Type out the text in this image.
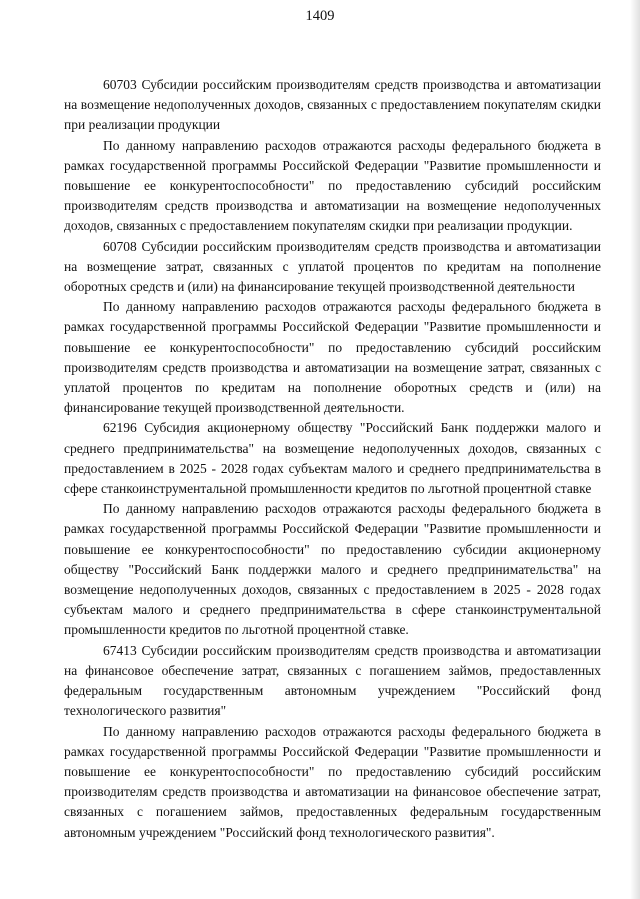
1409

60703 Субсидии российским производителям средств производства и автоматизации на возмещение недополученных доходов, связанных с предоставлением покупателям скидки при реализации продукции

По данному направлению расходов отражаются расходы федерального бюджета в рамках государственной программы Российской Федерации "Развитие промышленности и повышение ее конкурентоспособности" по предоставлению субсидий российским производителям средств производства и автоматизации на возмещение недополученных доходов, связанных с предоставлением покупателям скидки при реализации продукции.

60708 Субсидии российским производителям средств производства и автоматизации на возмещение затрат, связанных с уплатой процентов по кредитам на пополнение оборотных средств и (или) на финансирование текущей производственной деятельности

По данному направлению расходов отражаются расходы федерального бюджета в рамках государственной программы Российской Федерации "Развитие промышленности и повышение ее конкурентоспособности" по предоставлению субсидий российским производителям средств производства и автоматизации на возмещение затрат, связанных с уплатой процентов по кредитам на пополнение оборотных средств и (или) на финансирование текущей производственной деятельности.

62196 Субсидия акционерному обществу "Российский Банк поддержки малого и среднего предпринимательства" на возмещение недополученных доходов, связанных с предоставлением в 2025 - 2028 годах субъектам малого и среднего предпринимательства в сфере станкоинструментальной промышленности кредитов по льготной процентной ставке

По данному направлению расходов отражаются расходы федерального бюджета в рамках государственной программы Российской Федерации "Развитие промышленности и повышение ее конкурентоспособности" по предоставлению субсидии акционерному обществу "Российский Банк поддержки малого и среднего предпринимательства" на возмещение недополученных доходов, связанных с предоставлением в 2025 - 2028 годах субъектам малого и среднего предпринимательства в сфере станкоинструментальной промышленности кредитов по льготной процентной ставке.

67413 Субсидии российским производителям средств производства и автоматизации на финансовое обеспечение затрат, связанных с погашением займов, предоставленных федеральным государственным автономным учреждением "Российский фонд технологического развития"

По данному направлению расходов отражаются расходы федерального бюджета в рамках государственной программы Российской Федерации "Развитие промышленности и повышение ее конкурентоспособности" по предоставлению субсидий российским производителям средств производства и автоматизации на финансовое обеспечение затрат, связанных с погашением займов, предоставленных федеральным государственным автономным учреждением "Российский фонд технологического развития".
